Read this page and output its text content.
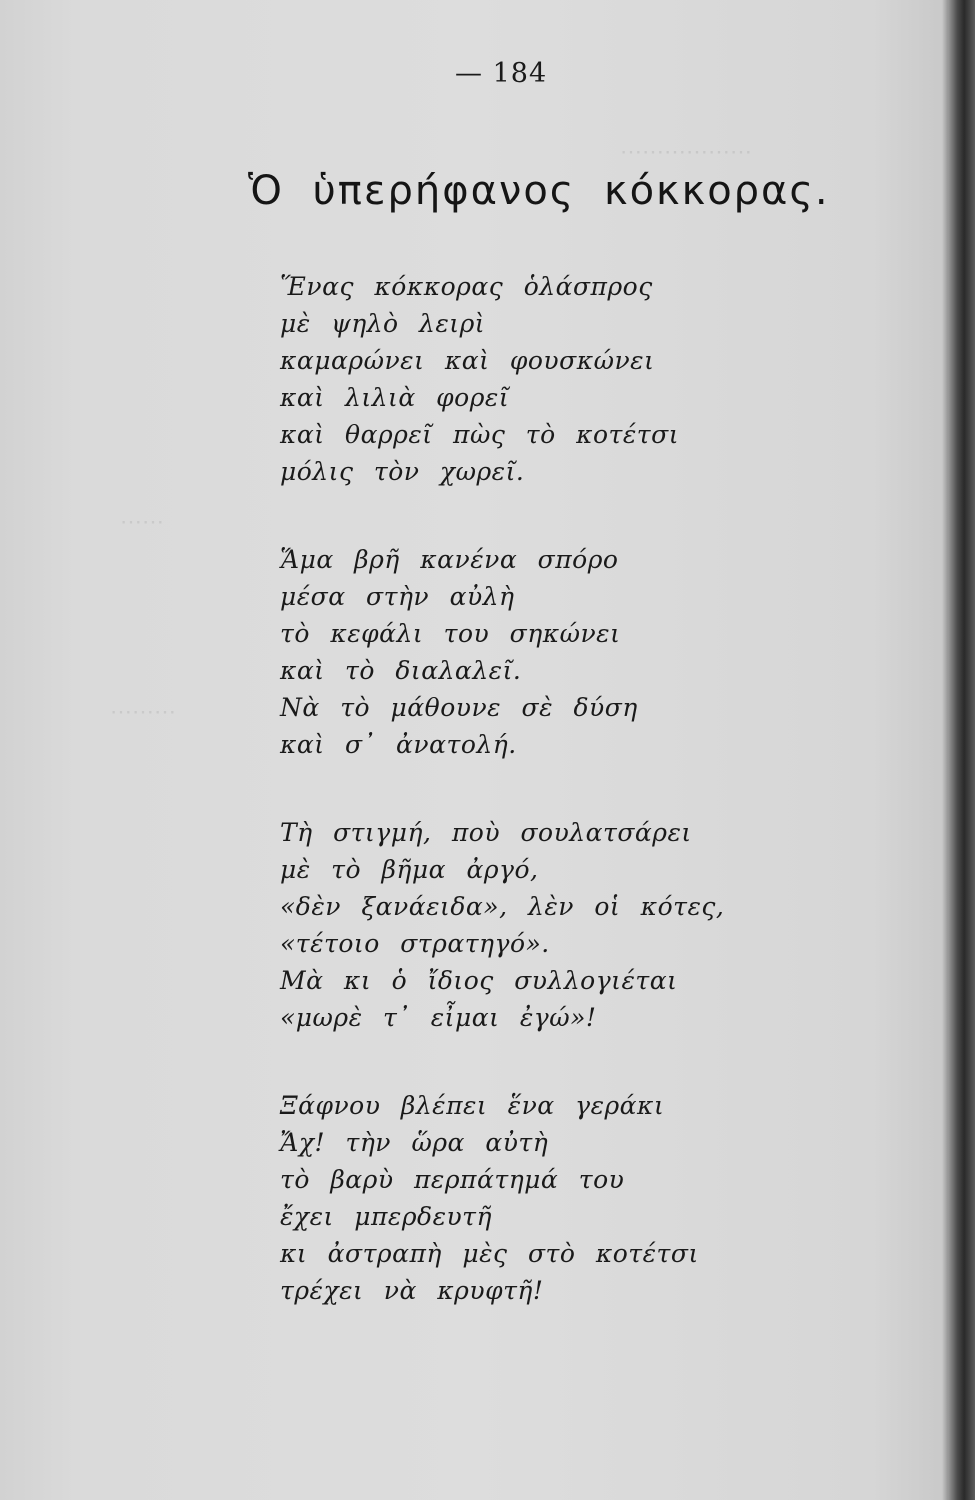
⋯⋯
⋯⋯⋯
⋯⋯⋯⋯⋯⋯
— 184
Ὁ ὑπερήφανος κόκκορας.
Ἕνας κόκκορας ὁλάσπρος
μὲ ψηλὸ λειρὶ
καμαρώνει καὶ φουσκώνει
καὶ λιλιὰ φορεῖ
καὶ θαρρεῖ πὼς τὸ κοτέτσι
μόλις τὸν χωρεῖ.
Ἅμα βρῆ κανένα σπόρο
μέσα στὴν αὐλὴ
τὸ κεφάλι του σηκώνει
καὶ τὸ διαλαλεῖ.
Νὰ τὸ μάθουνε σὲ δύση
καὶ σ᾿ ἀνατολή.
Τὴ στιγμή, ποὺ σουλατσάρει
μὲ τὸ βῆμα ἀργό,
«δὲν ξανάειδα», λὲν οἱ κότες,
«τέτοιο στρατηγό».
Μὰ κι ὁ ἴδιος συλλογιέται
«μωρὲ τ᾿ εἶμαι ἐγώ»!
Ξάφνου βλέπει ἕνα γεράκι
Ἄχ! τὴν ὥρα αὐτὴ
τὸ βαρὺ περπάτημά του
ἔχει μπερδευτῆ
κι ἀστραπὴ μὲς στὸ κοτέτσι
τρέχει νὰ κρυφτῆ!
